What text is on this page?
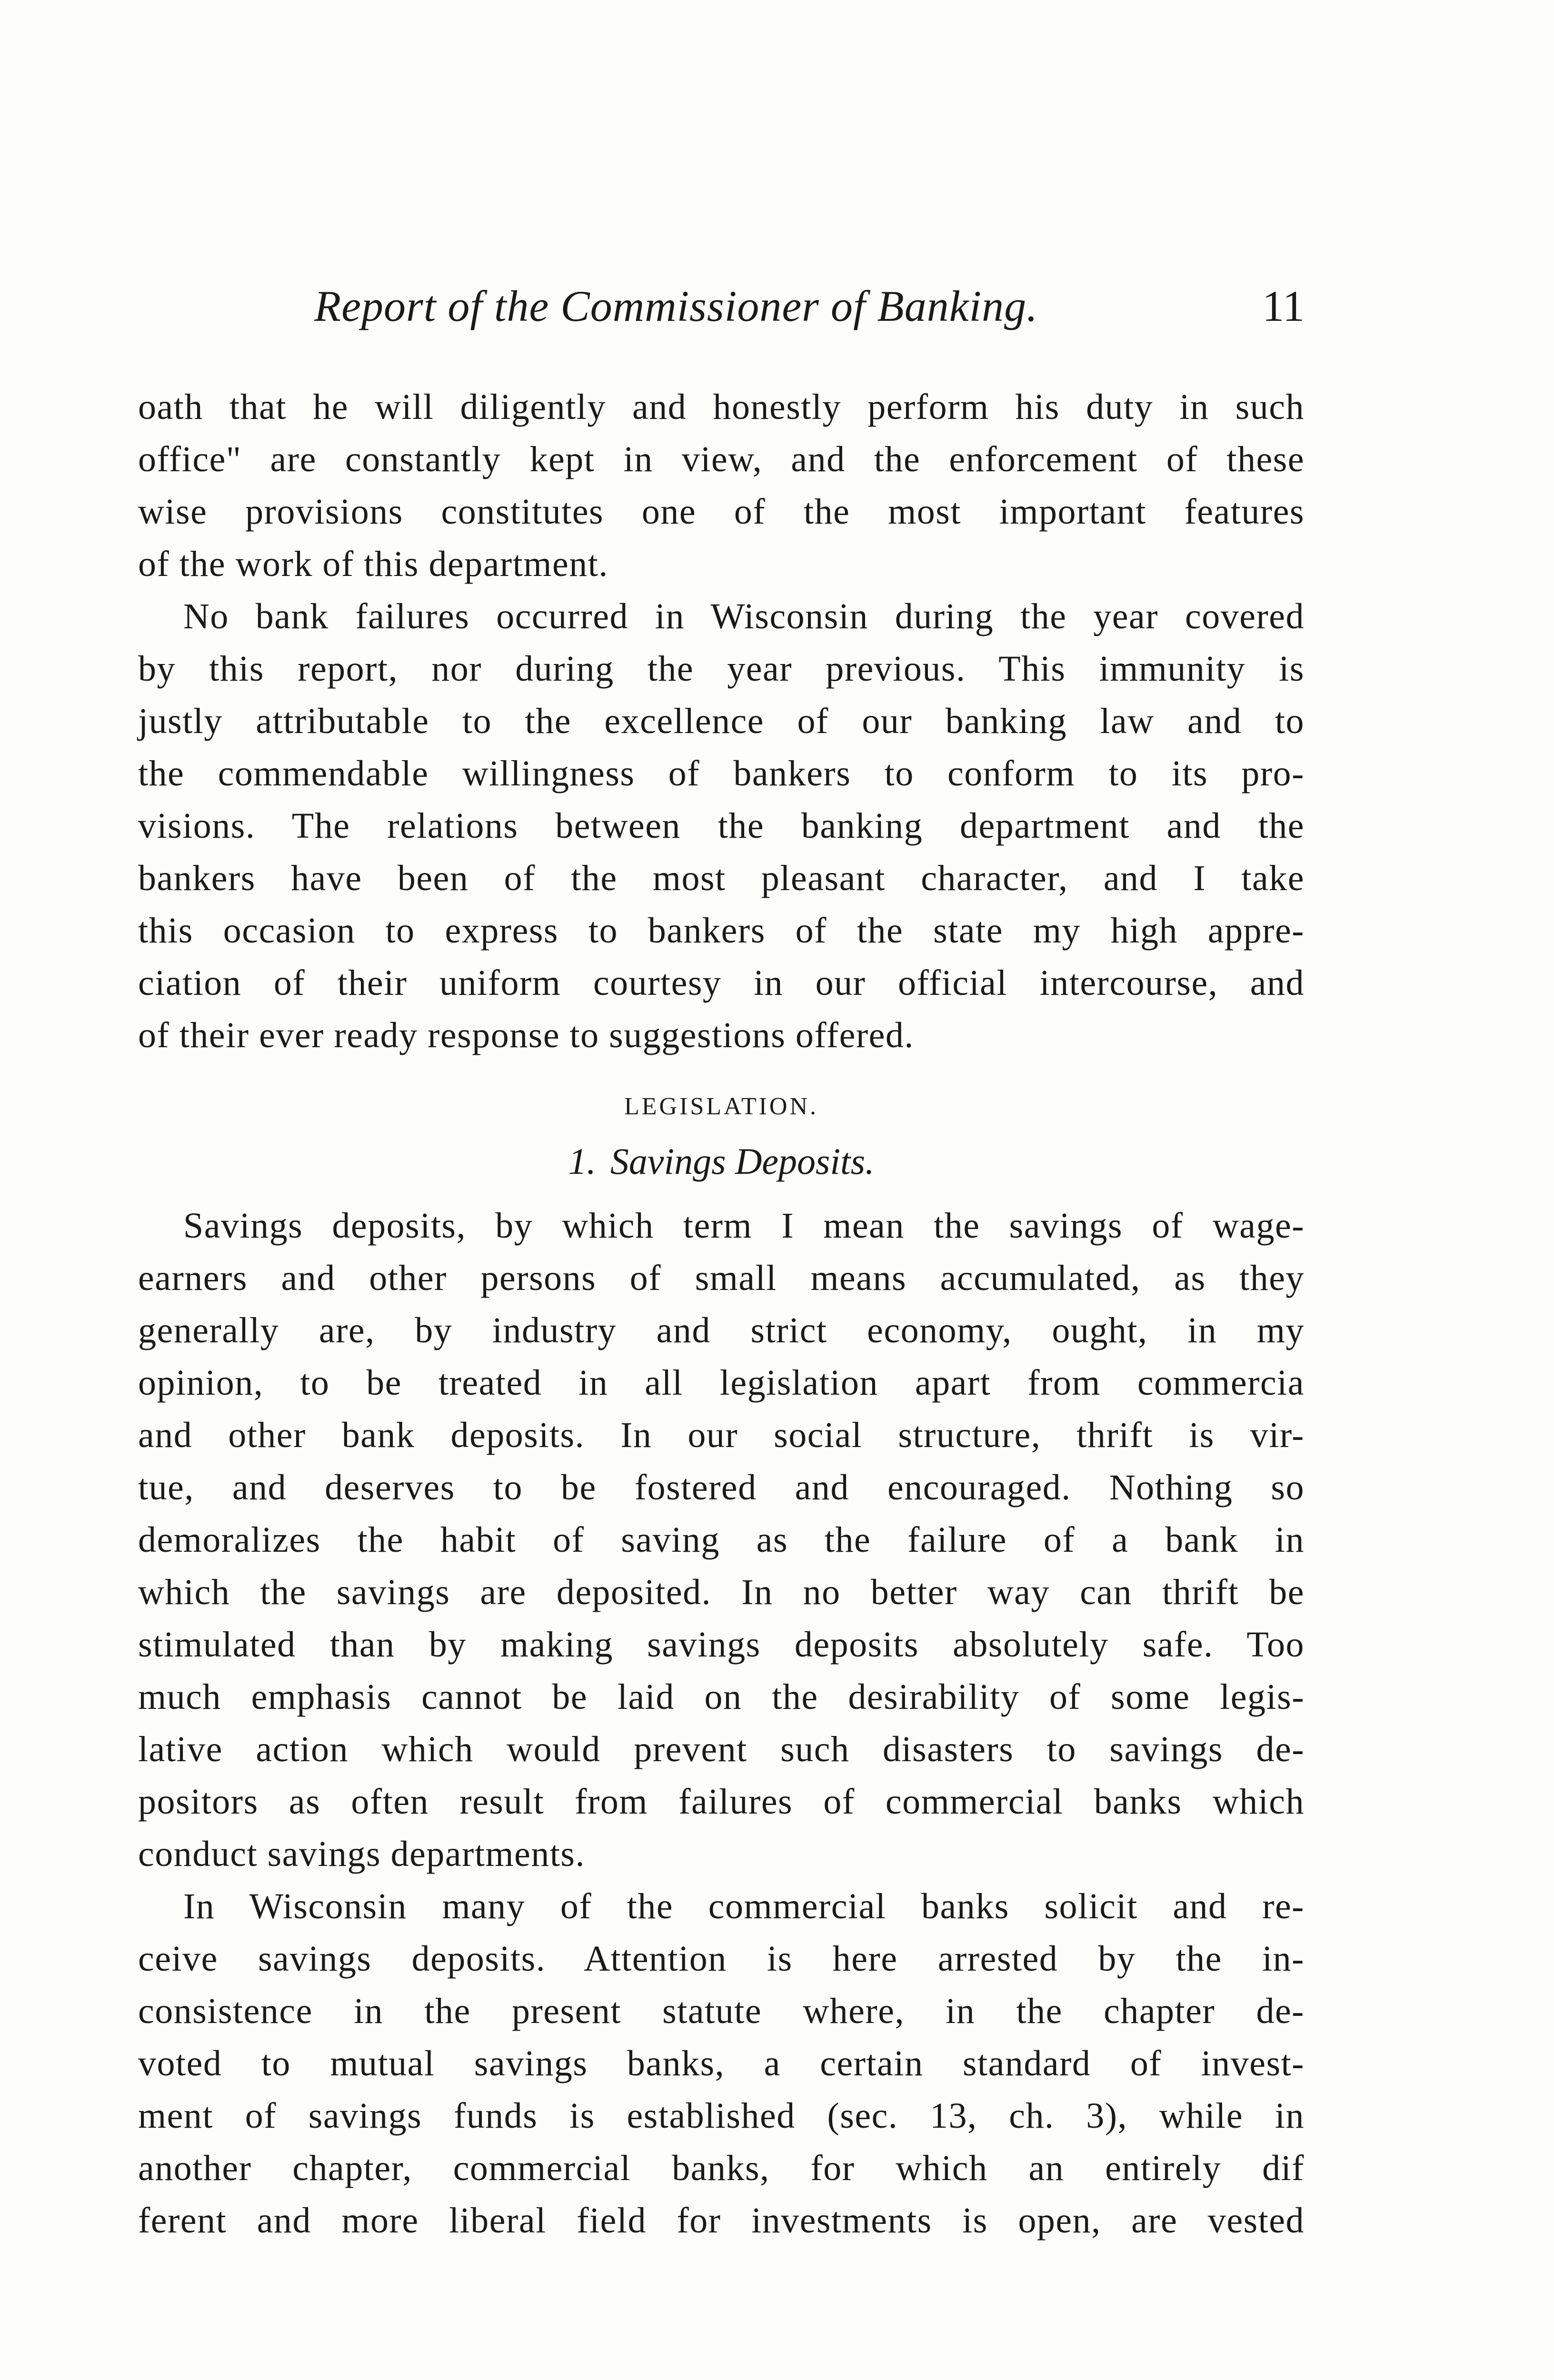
Report of the Commissioner of Banking.	11
oath that he will diligently and honestly perform his duty in such
office" are constantly kept in view, and the enforcement of these
wise provisions constitutes one of the most important features
of the work of this department.
No bank failures occurred in Wisconsin during the year covered
by this report, nor during the year previous. This immunity is
justly attributable to the excellence of our banking law and to
the commendable willingness of bankers to conform to its pro-
visions. The relations between the banking department and the
bankers have been of the most pleasant character, and I take
this occasion to express to bankers of the state my high appre-
ciation of their uniform courtesy in our official intercourse, and
of their ever ready response to suggestions offered.
LEGISLATION.
1. Savings Deposits.
Savings deposits, by which term I mean the savings of wage-
earners and other persons of small means accumulated, as they
generally are, by industry and strict economy, ought, in my
opinion, to be treated in all legislation apart from commercia
and other bank deposits. In our social structure, thrift is vir-
tue, and deserves to be fostered and encouraged. Nothing so
demoralizes the habit of saving as the failure of a bank in
which the savings are deposited. In no better way can thrift be
stimulated than by making savings deposits absolutely safe. Too
much emphasis cannot be laid on the desirability of some legis-
lative action which would prevent such disasters to savings de-
positors as often result from failures of commercial banks which
conduct savings departments.
In Wisconsin many of the commercial banks solicit and re-
ceive savings deposits. Attention is here arrested by the in-
consistence in the present statute where, in the chapter de-
voted to mutual savings banks, a certain standard of invest-
ment of savings funds is established (sec. 13, ch. 3), while in
another chapter, commercial banks, for which an entirely dif
ferent and more liberal field for investments is open, are vested
